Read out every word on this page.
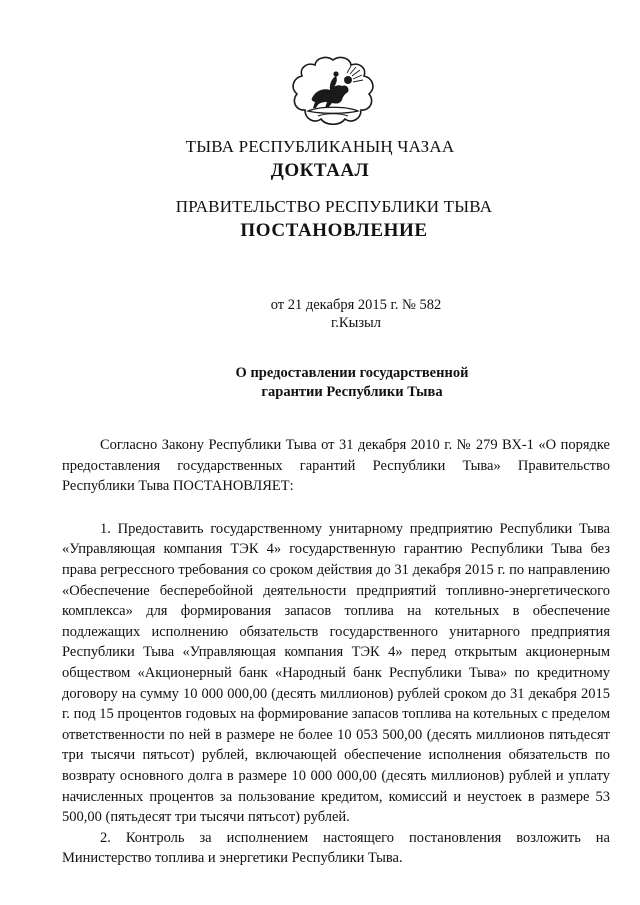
ТЫВА РЕСПУБЛИКАНЫҢ ЧАЗАА
ДОКТААЛ
ПРАВИТЕЛЬСТВО РЕСПУБЛИКИ ТЫВА
ПОСТАНОВЛЕНИЕ
от 21 декабря 2015 г. № 582
г.Кызыл
О предоставлении государственной
гарантии Республики Тыва

Согласно Закону Республики Тыва от 31 декабря 2010 г. № 279 ВХ-1 «О порядке предоставления государственных гарантий Республики Тыва» Правительство Республики Тыва ПОСТАНОВЛЯЕТ:

1. Предоставить государственному унитарному предприятию Республики Тыва «Управляющая компания ТЭК 4» государственную гарантию Республики Тыва без права регрессного требования со сроком действия до 31 декабря 2015 г. по направлению «Обеспечение бесперебойной деятельности предприятий топливно-энергетического комплекса» для формирования запасов топлива на котельных в обеспечение подлежащих исполнению обязательств государственного унитарного предприятия Республики Тыва «Управляющая компания ТЭК 4» перед открытым акционерным обществом «Акционерный банк «Народный банк Республики Тыва» по кредитному договору на сумму 10 000 000,00 (десять миллионов) рублей сроком до 31 декабря 2015 г. под 15 процентов годовых на формирование запасов топлива на котельных с пределом ответственности по ней в размере не более 10 053 500,00 (десять миллионов пятьдесят три тысячи пятьсот) рублей, включающей обеспечение исполнения обязательств по возврату основного долга в размере 10 000 000,00 (десять миллионов) рублей и уплату начисленных процентов за пользование кредитом, комиссий и неустоек в размере 53 500,00 (пятьдесят три тысячи пятьсот) рублей.

2. Контроль за исполнением настоящего постановления возложить на Министерство топлива и энергетики Республики Тыва.
